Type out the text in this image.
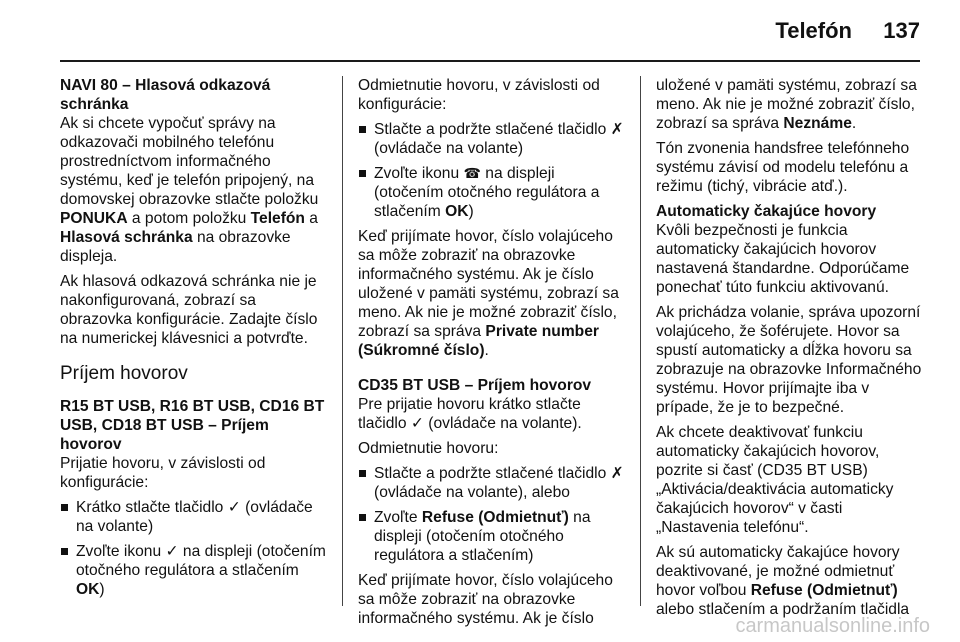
Telefón 137
NAVI 80 – Hlasová odkazová schránka

Ak si chcete vypočuť správy na odkazovači mobilného telefónu prostredníctvom informačného systému, keď je telefón pripojený, na domovskej obrazovke stlačte položku PONUKA a potom položku Telefón a Hlasová schránka na obrazovke displeja.

Ak hlasová odkazová schránka nie je nakonfigurovaná, zobrazí sa obrazovka konfigurácie. Zadajte číslo na numerickej klávesnici a potvrďte.

Príjem hovorov
R15 BT USB, R16 BT USB, CD16 BT USB, CD18 BT USB – Príjem hovorov

Prijatie hovoru, v závislosti od konfigurácie:

Krátko stlačte tlačidlo ✓ (ovládače na volante)
Zvoľte ikonu ✓ na displeji (otočením otočného regulátora a stlačením OK)

Odmietnutie hovoru, v závislosti od konfigurácie:

Stlačte a podržte stlačené tlačidlo ✗ (ovládače na volante)
Zvoľte ikonu ☎ na displeji (otočením otočného regulátora a stlačením OK)

Keď prijímate hovor, číslo volajúceho sa môže zobraziť na obrazovke informačného systému. Ak je číslo uložené v pamäti systému, zobrazí sa meno. Ak nie je možné zobraziť číslo, zobrazí sa správa Private number (Súkromné číslo).

CD35 BT USB – Príjem hovorov

Pre prijatie hovoru krátko stlačte tlačidlo ✓ (ovládače na volante).

Odmietnutie hovoru:

Stlačte a podržte stlačené tlačidlo ✗ (ovládače na volante), alebo
Zvoľte Refuse (Odmietnuť) na displeji (otočením otočného regulátora a stlačením)

Keď prijímate hovor, číslo volajúceho sa môže zobraziť na obrazovke informačného systému. Ak je číslo

uložené v pamäti systému, zobrazí sa meno. Ak nie je možné zobraziť číslo, zobrazí sa správa Neznáme.

Tón zvonenia handsfree telefónneho systému závisí od modelu telefónu a režimu (tichý, vibrácie atď.).

Automaticky čakajúce hovory

Kvôli bezpečnosti je funkcia automaticky čakajúcich hovorov nastavená štandardne. Odporúčame ponechať túto funkciu aktivovanú.

Ak prichádza volanie, správa upozorní volajúceho, že šoférujete. Hovor sa spustí automaticky a dĺžka hovoru sa zobrazuje na obrazovke Informačného systému. Hovor prijímajte iba v prípade, že je to bezpečné.

Ak chcete deaktivovať funkciu automaticky čakajúcich hovorov, pozrite si časť (CD35 BT USB) „Aktivácia/deaktivácia automaticky čakajúcich hovorov“ v časti „Nastavenia telefónu“.

Ak sú automaticky čakajúce hovory deaktivované, je možné odmietnuť hovor voľbou Refuse (Odmietnuť) alebo stlačením a podržaním tlačidla

carmanualsonline.info
